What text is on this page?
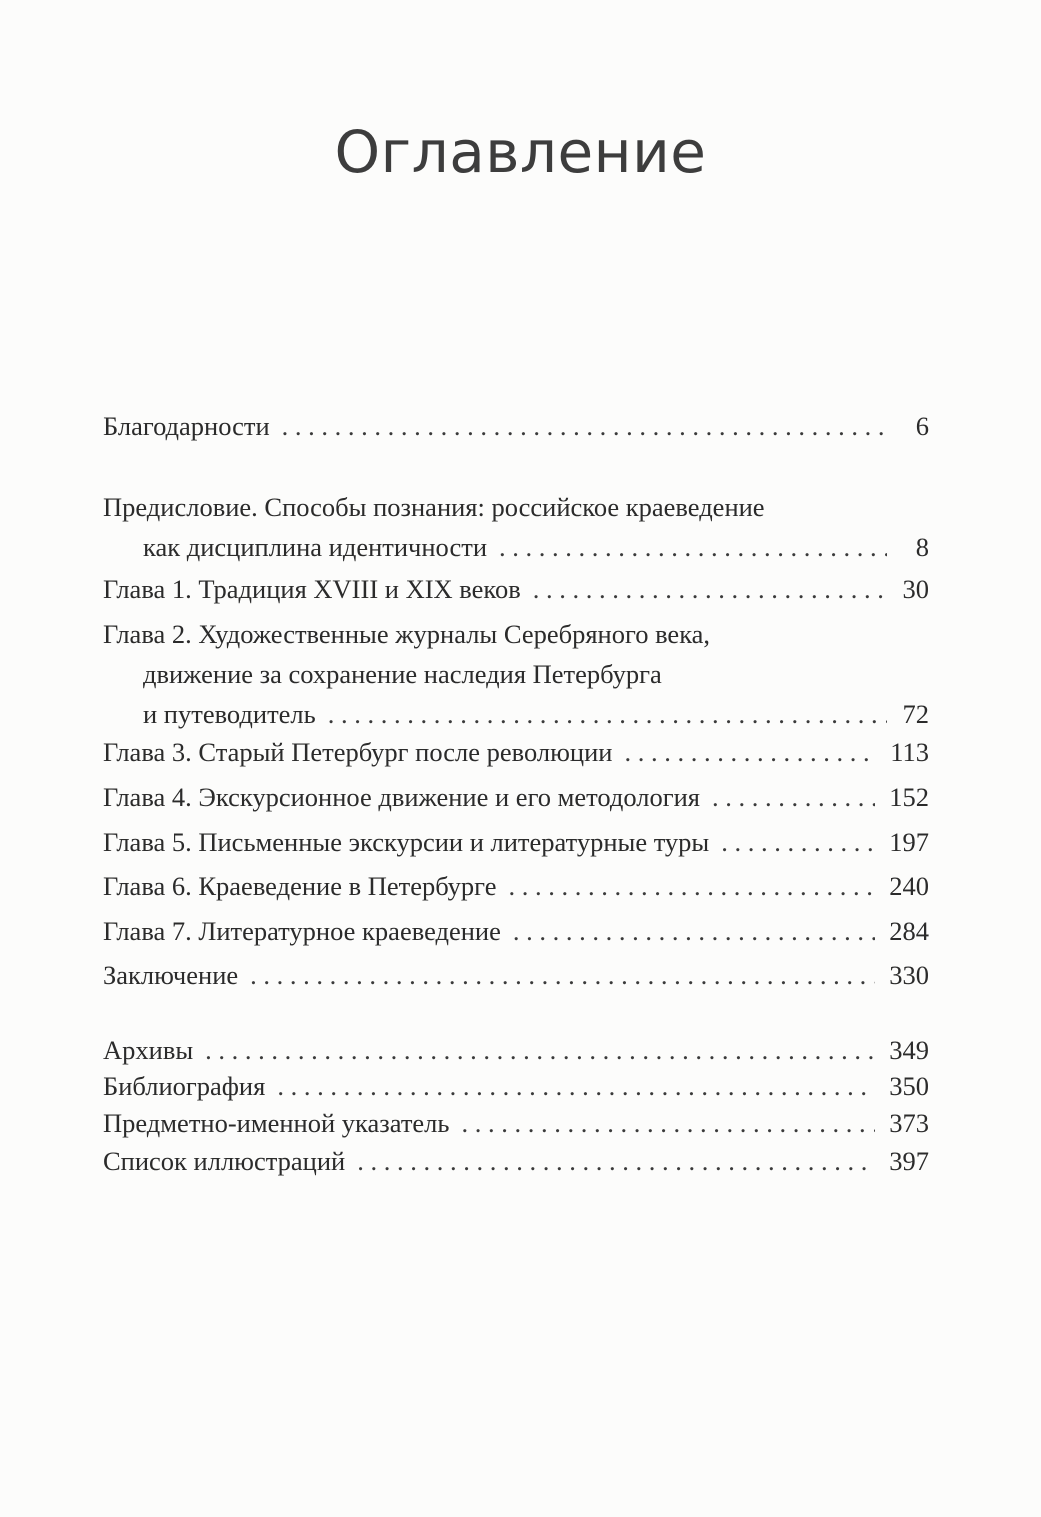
Оглавление
Благодарности . . .	6
Предисловие. Способы познания: российское краеведение
как дисциплина идентичности . . .	8
Глава 1. Традиция XVIII и XIX веков . . .	30
Глава 2. Художественные журналы Серебряного века,
движение за сохранение наследия Петербурга
и путеводитель . . .	72
Глава 3. Старый Петербург после революции . . .	113
Глава 4. Экскурсионное движение и его методология . . .	152
Глава 5. Письменные экскурсии и литературные туры . . .	197
Глава 6. Краеведение в Петербурге . . .	240
Глава 7. Литературное краеведение . . .	284
Заключение . . .	330
Архивы . . .	349
Библиография . . .	350
Предметно-именной указатель . . .	373
Список иллюстраций . . .	397
